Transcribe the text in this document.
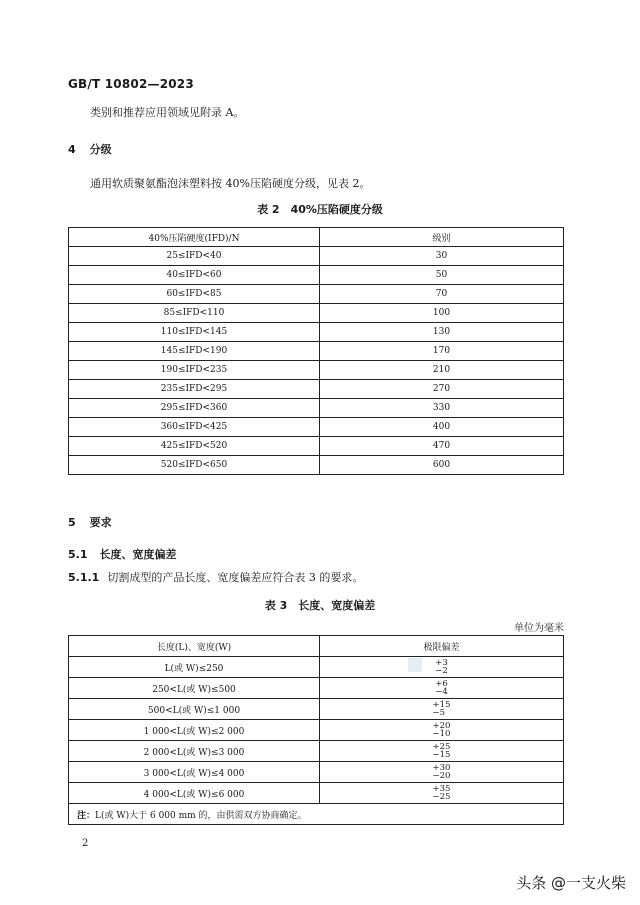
GB/T 10802—2023
类别和推荐应用领域见附录 A。
4 分级
通用软质聚氨酯泡沫塑料按 40%压陷硬度分级，见表 2。
表 2　40%压陷硬度分级
40%压陷硬度(IFD)/N	级别
25≤IFD<40	30
40≤IFD<60	50
60≤IFD<85	70
85≤IFD<110	100
110≤IFD<145	130
145≤IFD<190	170
190≤IFD<235	210
235≤IFD<295	270
295≤IFD<360	330
360≤IFD<425	400
425≤IFD<520	470
520≤IFD<650	600
5 要求
5.1 长度、宽度偏差
5.1.1 切割成型的产品长度、宽度偏差应符合表 3 的要求。
表 3　长度、宽度偏差
单位为毫米
长度(L)、宽度(W)	极限偏差
L(或 W)≤250	+3
−2

250<L(或 W)≤500	+6
−4

500<L(或 W)≤1 000	+15
−5

1 000<L(或 W)≤2 000	+20
−10

2 000<L(或 W)≤3 000	+25
−15

3 000<L(或 W)≤4 000	+30
−20

4 000<L(或 W)≤6 000	+35
−25

注：L(或 W)大于 6 000 mm 的，由供需双方协商确定。	
2
头条 @一支火柴
